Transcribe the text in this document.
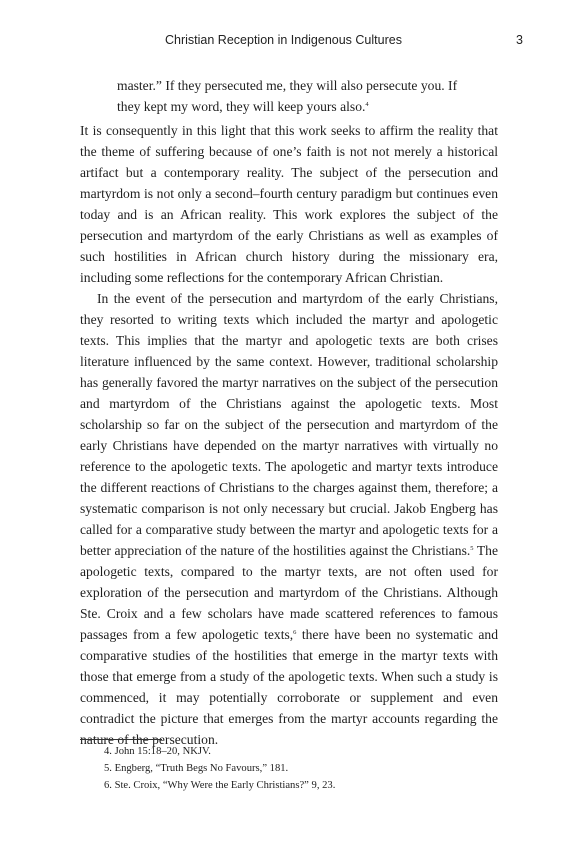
Christian Reception in Indigenous Cultures	3

master.” If they persecuted me, they will also persecute you. If

they kept my word, they will keep yours also.$^4$

It is consequently in this light that this work seeks to affirm the reality that the theme of suffering because of one’s faith is not not merely a historical artifact but a contemporary reality. The subject of the persecution and martyrdom is not only a second–fourth century paradigm but continues even today and is an African reality. This work explores the subject of the persecution and martyrdom of the early Christians as well as examples of such hostilities in African church history during the missionary era, including some reflections for the contemporary African Christian.

In the event of the persecution and martyrdom of the early Christians, they resorted to writing texts which included the martyr and apologetic texts. This implies that the martyr and apologetic texts are both crises literature influenced by the same context. However, traditional scholarship has generally favored the martyr narratives on the subject of the persecution and martyrdom of the Christians against the apologetic texts. Most scholarship so far on the subject of the persecution and martyrdom of the early Christians have depended on the martyr narratives with virtually no reference to the apologetic texts. The apologetic and martyr texts introduce the different reactions of Christians to the charges against them, therefore; a systematic comparison is not only necessary but crucial. Jakob Engberg has called for a comparative study between the martyr and apologetic texts for a better appreciation of the nature of the hostilities against the Christians.$^5$ The apologetic texts, compared to the martyr texts, are not often used for exploration of the persecution and martyrdom of the Christians. Although Ste. Croix and a few scholars have made scattered references to famous passages from a few apologetic texts,$^6$ there have been no systematic and comparative studies of the hostilities that emerge in the martyr texts with those that emerge from a study of the apologetic texts. When such a study is commenced, it may potentially corroborate or supplement and even contradict the picture that emerges from the martyr accounts regarding the nature of the persecution.

4. John 15:18–20, NKJV.
5. Engberg, “Truth Begs No Favours,” 181.
6. Ste. Croix, “Why Were the Early Christians?” 9, 23.
